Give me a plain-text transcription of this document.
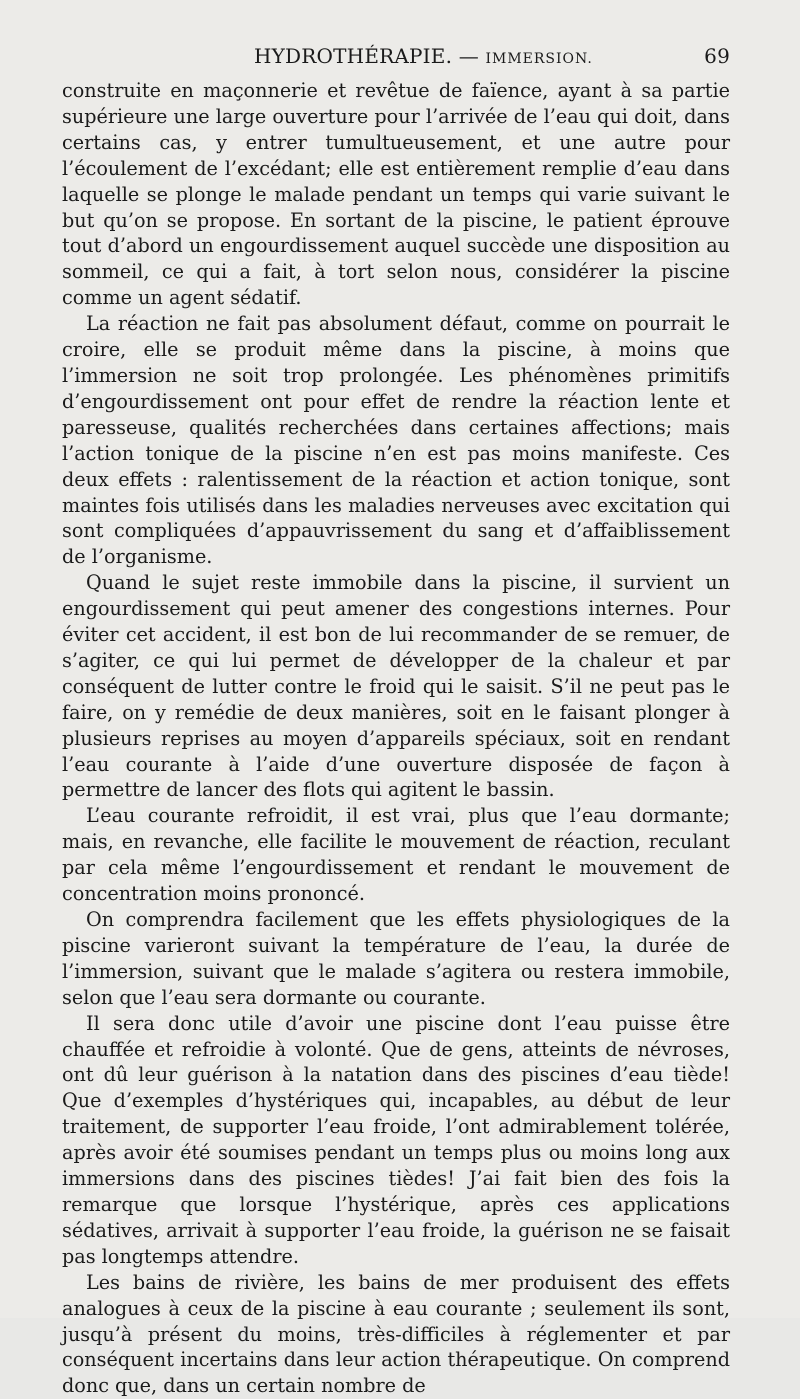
HYDROTHÉRAPIE. — IMMERSION.	69

construite en maçonnerie et revêtue de faïence, ayant à sa partie supérieure une large ouverture pour l’arrivée de l’eau qui doit, dans certains cas, y entrer tumultueusement, et une autre pour l’écoulement de l’excédant; elle est entièrement remplie d’eau dans laquelle se plonge le malade pendant un temps qui varie suivant le but qu’on se propose. En sortant de la piscine, le patient éprouve tout d’abord un engourdissement auquel succède une disposition au sommeil, ce qui a fait, à tort selon nous, considérer la piscine comme un agent sédatif.

La réaction ne fait pas absolument défaut, comme on pourrait le croire, elle se produit même dans la piscine, à moins que l’immersion ne soit trop prolongée. Les phénomènes primitifs d’engourdissement ont pour effet de rendre la réaction lente et paresseuse, qualités recherchées dans certaines affections; mais l’action tonique de la piscine n’en est pas moins manifeste. Ces deux effets : ralentissement de la réaction et action tonique, sont maintes fois utilisés dans les maladies nerveuses avec excitation qui sont compliquées d’appauvrissement du sang et d’affaiblissement de l’organisme.

Quand le sujet reste immobile dans la piscine, il survient un engourdissement qui peut amener des congestions internes. Pour éviter cet accident, il est bon de lui recommander de se remuer, de s’agiter, ce qui lui permet de développer de la chaleur et par conséquent de lutter contre le froid qui le saisit. S’il ne peut pas le faire, on y remédie de deux manières, soit en le faisant plonger à plusieurs reprises au moyen d’appareils spéciaux, soit en rendant l’eau courante à l’aide d’une ouverture disposée de façon à permettre de lancer des flots qui agitent le bassin.

L’eau courante refroidit, il est vrai, plus que l’eau dormante; mais, en revanche, elle facilite le mouvement de réaction, reculant par cela même l’engourdissement et rendant le mouvement de concentration moins prononcé.

On comprendra facilement que les effets physiologiques de la piscine varieront suivant la température de l’eau, la durée de l’immersion, suivant que le malade s’agitera ou restera immobile, selon que l’eau sera dormante ou courante.

Il sera donc utile d’avoir une piscine dont l’eau puisse être chauffée et refroidie à volonté. Que de gens, atteints de névroses, ont dû leur guérison à la natation dans des piscines d’eau tiède! Que d’exemples d’hystériques qui, incapables, au début de leur traitement, de supporter l’eau froide, l’ont admirablement tolérée, après avoir été soumises pendant un temps plus ou moins long aux immersions dans des piscines tièdes! J’ai fait bien des fois la remarque que lorsque l’hystérique, après ces applications sédatives, arrivait à supporter l’eau froide, la guérison ne se faisait pas longtemps attendre.

Les bains de rivière, les bains de mer produisent des effets analogues à ceux de la piscine à eau courante ; seulement ils sont, jusqu’à présent du moins, très-difficiles à réglementer et par conséquent incertains dans leur action thérapeutique. On comprend donc que, dans un certain nombre de
